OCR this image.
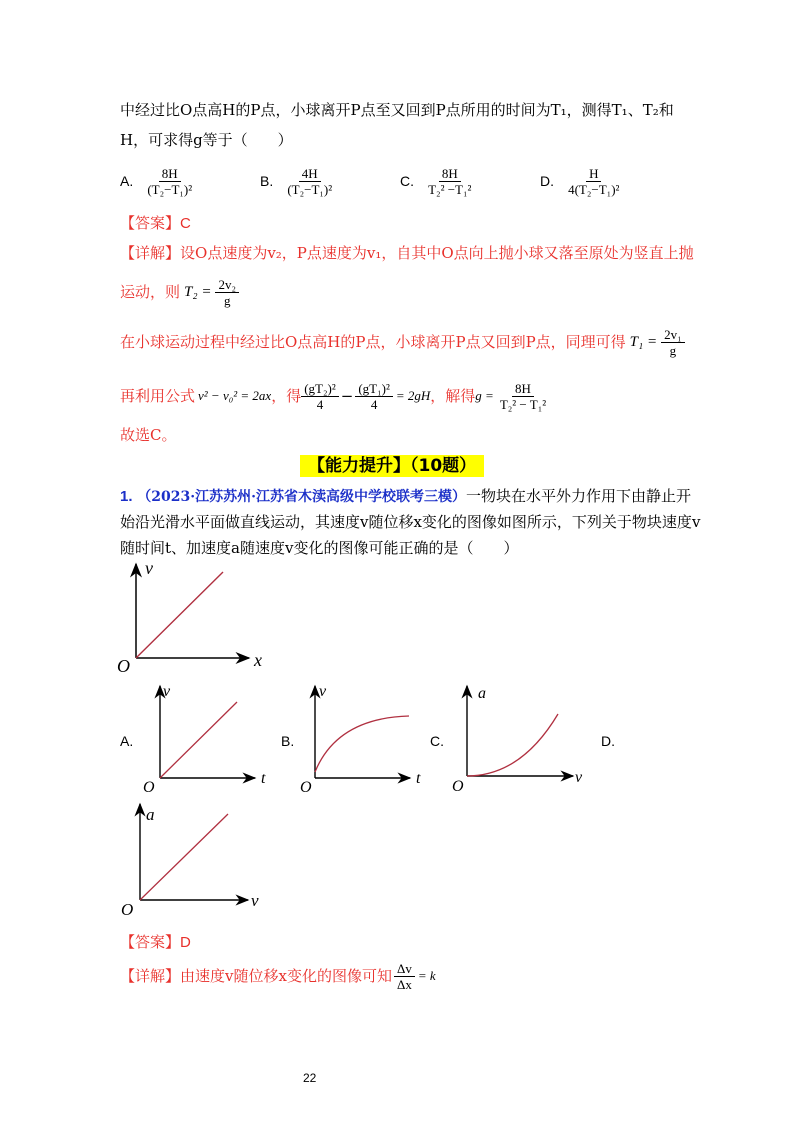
中经过比O点高H的P点，小球离开P点至又回到P点所用的时间为T₁，测得T₁、T₂和
H，可求得g等于（　　）
A. $\frac{8H}{\text{(T₂−T₁)²}}$	B. $\frac{4H}{\text{(T₂−T₁)²}}$	C. $\frac{8H}{\text{T₂² −T₁²}}$	D. $\frac{H}{\text{4(T₂−T₁)²}}$
【答案】C
【详解】设O点速度为v₂，P点速度为v₁，自其中O点向上抛小球又落至原处为竖直上抛
运动，则 $T_2 = \frac{\text{2v₂}}{g}$
在小球运动过程中经过比O点高H的P点，小球离开P点又回到P点，同理可得 $T_1 = \frac{\text{2v₁}}{g}$
再利用公式 v² − v₀² = 2ax ，得 $\frac{\text{(gT₂)²}}{4} - \frac{\text{(gT₁)²}}{4} = 2gH$ ，解得 $g = \frac{8H}{\text{T₂² − T₁²}}$
故选C。
【能力提升】（10题）
1. （2023·江苏苏州·江苏省木渎高级中学校联考三模）一物块在水平外力作用下由静止开
始沿光滑水平面做直线运动，其速度v随位移x变化的图像如图所示，下列关于物块速度v
随时间t、加速度a随速度v变化的图像可能正确的是（　　）
v
x
O
A.	B.	C.	D.
v
t
O
v
t
O
a
v
O
a
v
O
【答案】D
【详解】 由速度v随位移x变化的图像可知 $\frac{\Delta v}{\Delta x} = k$
22
